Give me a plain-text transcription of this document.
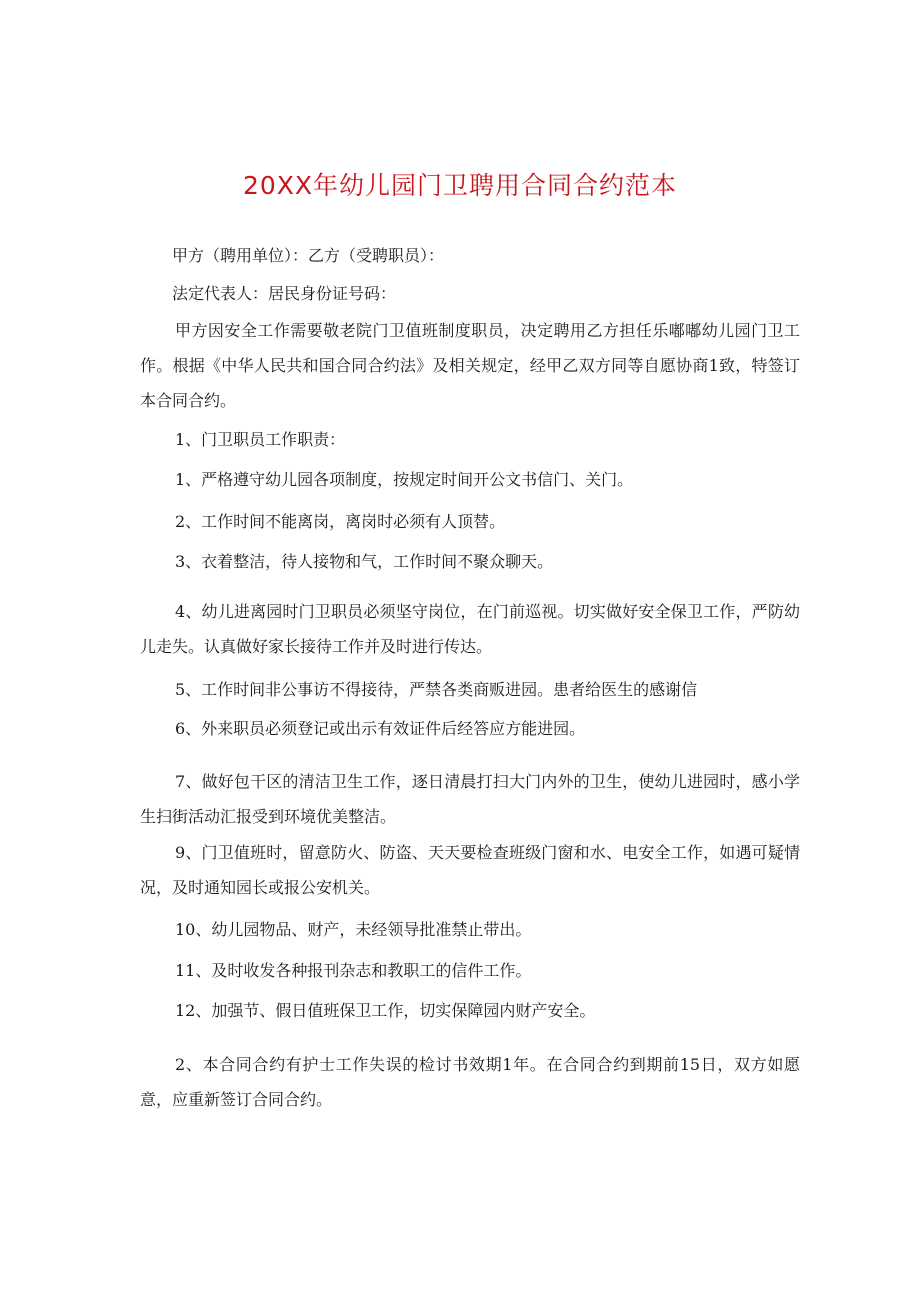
20XX年幼儿园门卫聘用合同合约范本
甲方（聘用单位）：乙方（受聘职员）：
法定代表人：居民身份证号码：
甲方因安全工作需要敬老院门卫值班制度职员，决定聘用乙方担任乐嘟嘟幼儿园门卫工作。根据《中华人民共和国合同合约法》及相关规定，经甲乙双方同等自愿协商1致，特签订本合同合约。
1、门卫职员工作职责：
1、严格遵守幼儿园各项制度，按规定时间开公文书信门、关门。
2、工作时间不能离岗，离岗时必须有人顶替。
3、衣着整洁，待人接物和气，工作时间不聚众聊天。
4、幼儿进离园时门卫职员必须坚守岗位，在门前巡视。切实做好安全保卫工作，严防幼儿走失。认真做好家长接待工作并及时进行传达。
5、工作时间非公事访不得接待，严禁各类商贩进园。患者给医生的感谢信
6、外来职员必须登记或出示有效证件后经答应方能进园。
7、做好包干区的清洁卫生工作，逐日清晨打扫大门内外的卫生，使幼儿进园时，感小学生扫街活动汇报受到环境优美整洁。
9、门卫值班时，留意防火、防盗、天天要检查班级门窗和水、电安全工作，如遇可疑情况，及时通知园长或报公安机关。
10、幼儿园物品、财产，未经领导批准禁止带出。
11、及时收发各种报刊杂志和教职工的信件工作。
12、加强节、假日值班保卫工作，切实保障园内财产安全。
2、本合同合约有护士工作失误的检讨书效期1年。在合同合约到期前15日，双方如愿意，应重新签订合同合约。
